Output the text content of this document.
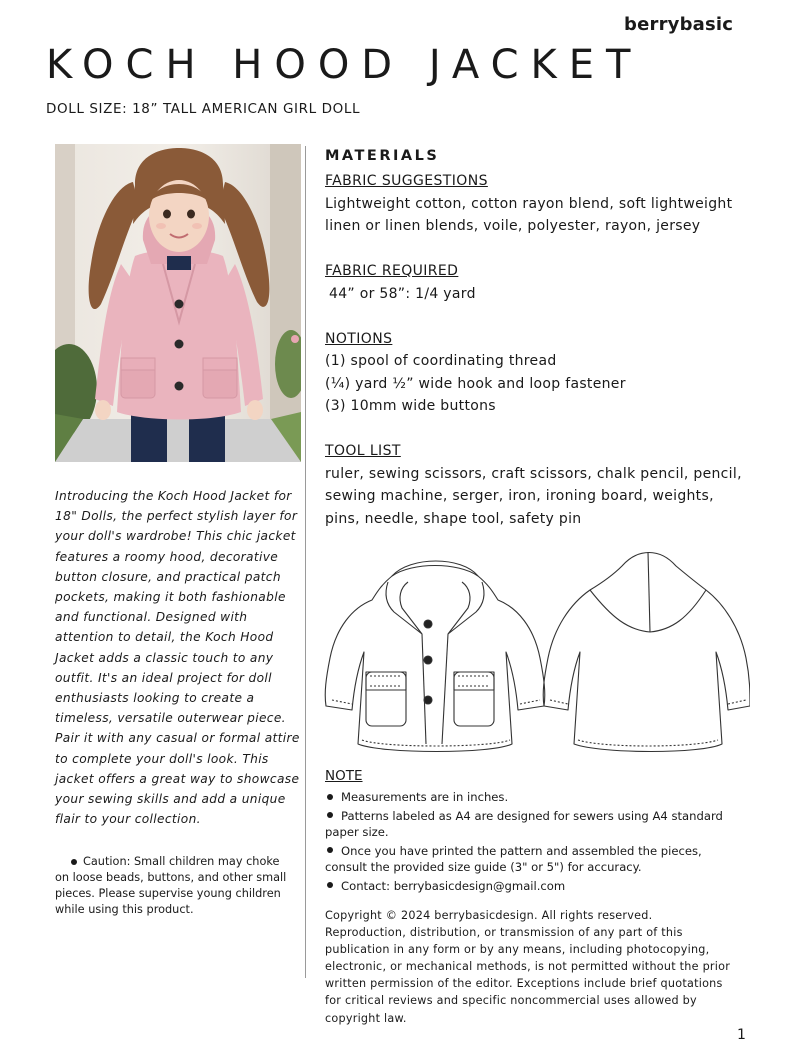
berrybasic
KOCH HOOD JACKET
DOLL SIZE: 18” TALL AMERICAN GIRL DOLL

Introducing the Koch Hood Jacket for 18" Dolls, the perfect stylish layer for your doll's wardrobe! This chic jacket features a roomy hood, decorative button closure, and practical patch pockets, making it both fashionable and functional. Designed with attention to detail, the Koch Hood Jacket adds a classic touch to any outfit. It's an ideal project for doll enthusiasts looking to create a timeless, versatile outerwear piece. Pair it with any casual or formal attire to complete your doll's look. This jacket offers a great way to showcase your sewing skills and add a unique flair to your collection.

Caution: Small children may choke on loose beads, buttons, and other small pieces. Please supervise young children while using this product.
MATERIALS
FABRIC SUGGESTIONS
Lightweight cotton, cotton rayon blend, soft lightweight linen or linen blends, voile, polyester, rayon, jersey
FABRIC REQUIRED
44” or 58”: 1/4 yard
NOTIONS
(1) spool of coordinating thread
(¼) yard ½” wide hook and loop fastener
(3) 10mm wide buttons
TOOL LIST
ruler, sewing scissors, craft scissors, chalk pencil, pencil, sewing machine, serger, iron, ironing board, weights, pins, needle, shape tool, safety pin
NOTE
Measurements are in inches.
Patterns labeled as A4 are designed for sewers using A4 standard paper size.
Once you have printed the pattern and assembled the pieces, consult the provided size guide (3" or 5") for accuracy.
Contact: berrybasicdesign@gmail.com

Copyright © 2024 berrybasicdesign. All rights reserved. Reproduction, distribution, or transmission of any part of this publication in any form or by any means, including photocopying, electronic, or mechanical methods, is not permitted without the prior written permission of the editor. Exceptions include brief quotations for critical reviews and specific noncommercial uses allowed by copyright law.

1
